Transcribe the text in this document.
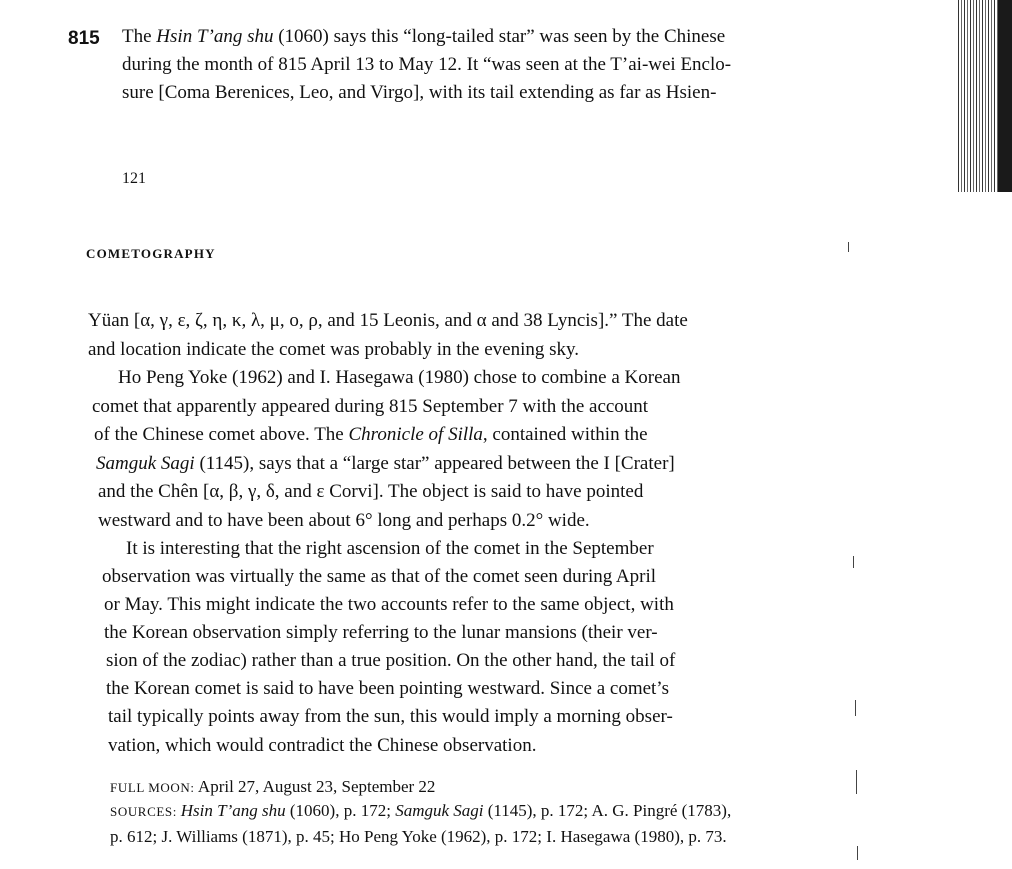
815 The Hsin T’ang shu (1060) says this “long-tailed star” was seen by the Chinese
during the month of 815 April 13 to May 12. It “was seen at the T’ai-wei Enclo-
sure [Coma Berenices, Leo, and Virgo], with its tail extending as far as Hsien-
121
COMETOGRAPHY
Yüan [α, γ, ε, ζ, η, κ, λ, μ, ο, ρ, and 15 Leonis, and α and 38 Lyncis].” The date
and location indicate the comet was probably in the evening sky.
Ho Peng Yoke (1962) and I. Hasegawa (1980) chose to combine a Korean
comet that apparently appeared during 815 September 7 with the account
of the Chinese comet above. The Chronicle of Silla, contained within the
Samguk Sagi (1145), says that a “large star” appeared between the I [Crater]
and the Chên [α, β, γ, δ, and ε Corvi]. The object is said to have pointed
westward and to have been about 6° long and perhaps 0.2° wide.
It is interesting that the right ascension of the comet in the September
observation was virtually the same as that of the comet seen during April
or May. This might indicate the two accounts refer to the same object, with
the Korean observation simply referring to the lunar mansions (their ver-
sion of the zodiac) rather than a true position. On the other hand, the tail of
the Korean comet is said to have been pointing westward. Since a comet’s
tail typically points away from the sun, this would imply a morning obser-
vation, which would contradict the Chinese observation.
FULL MOON: April 27, August 23, September 22
SOURCES: Hsin T’ang shu (1060), p. 172; Samguk Sagi (1145), p. 172; A. G. Pingré (1783),
p. 612; J. Williams (1871), p. 45; Ho Peng Yoke (1962), p. 172; I. Hasegawa (1980), p. 73.
